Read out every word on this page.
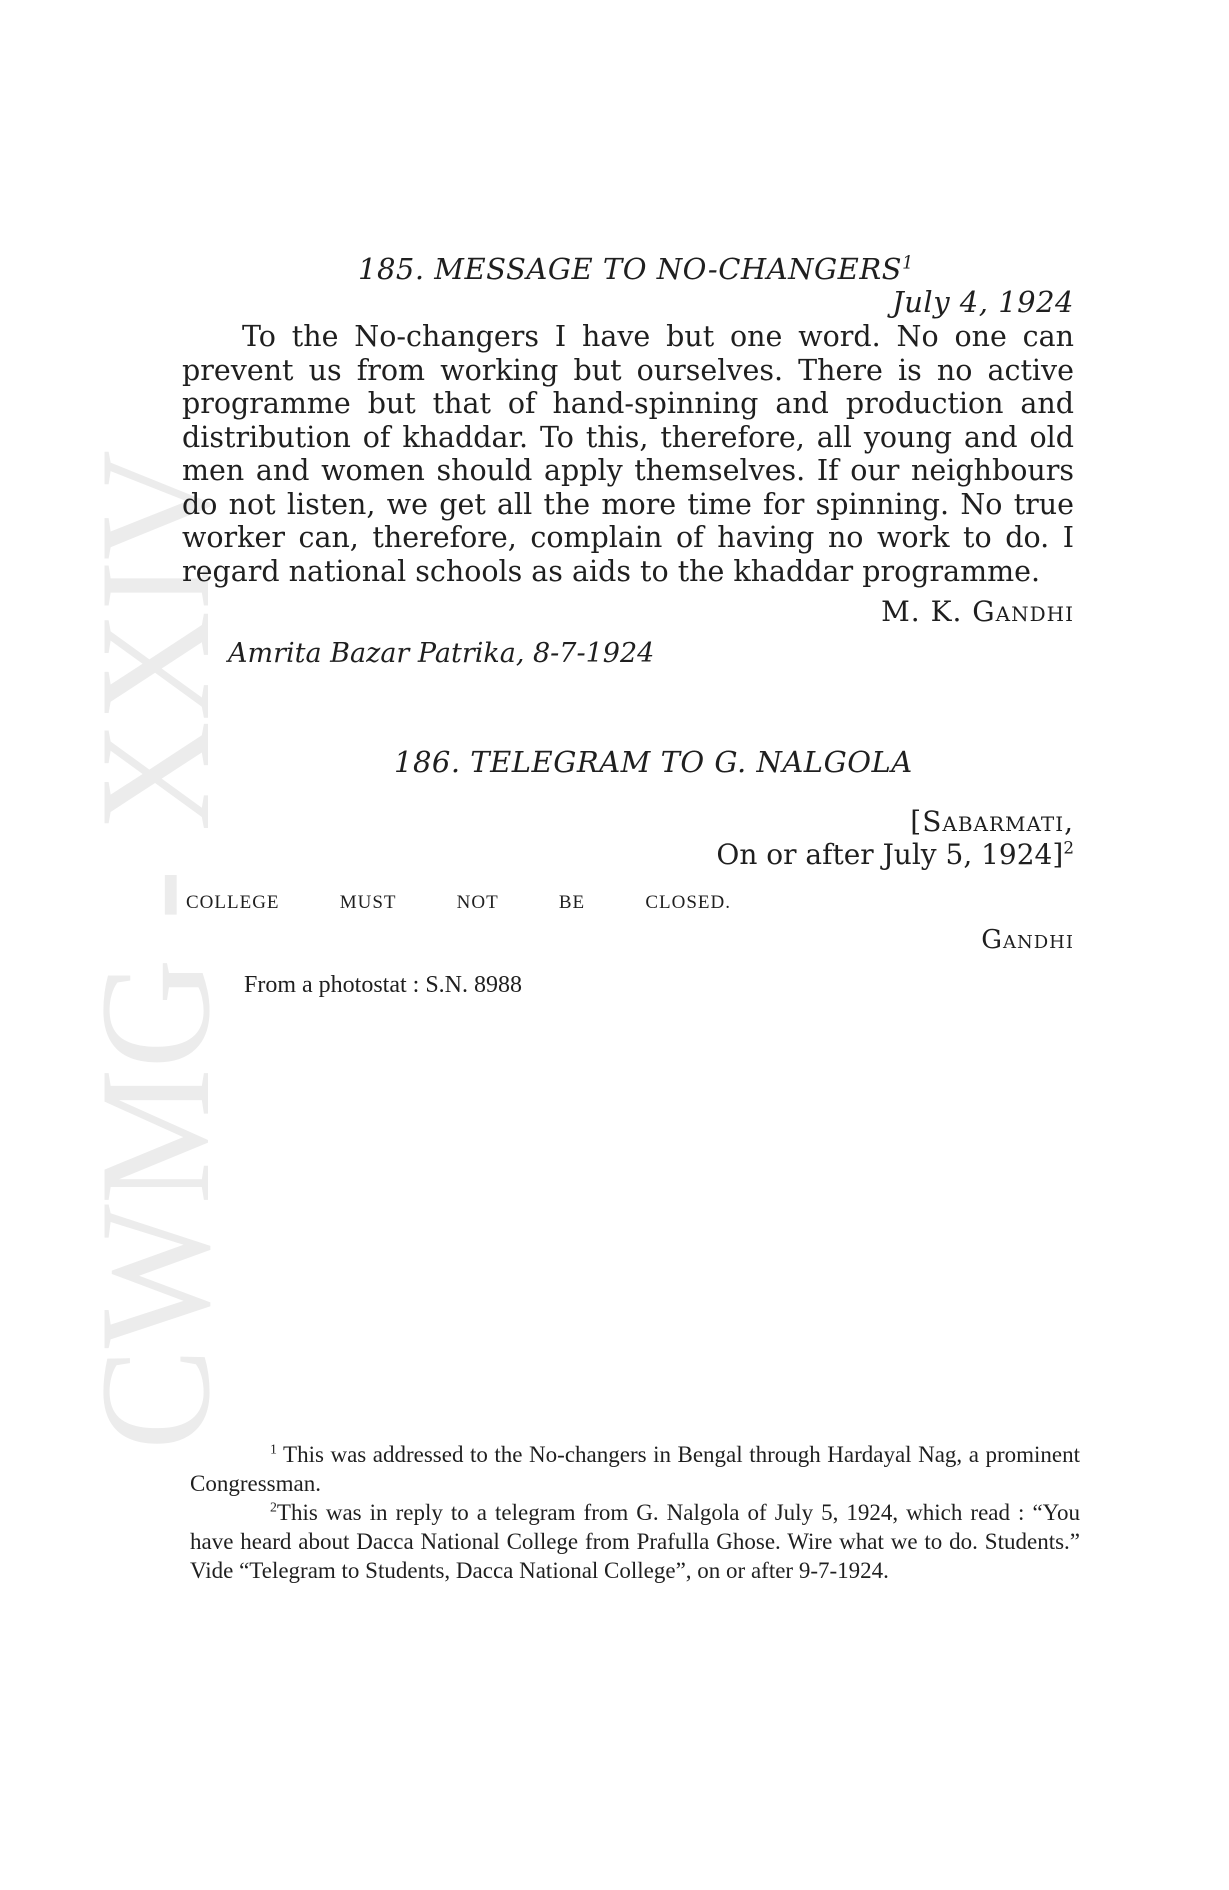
CWMG XXIV
185. MESSAGE TO NO-CHANGERS$^1$
July 4, 1924

To the No-changers I have but one word. No one can prevent us from working but ourselves. There is no active programme but that of hand-spinning and production and distribution of khaddar. To this, therefore, all young and old men and women should apply themselves. If our neighbours do not listen, we get all the more time for spinning. No true worker can, therefore, complain of having no work to do. I regard national schools as aids to the khaddar programme.

M. K. Gandhi
Amrita Bazar Patrika, 8-7-1924
186. TELEGRAM TO G. NALGOLA
[Sabarmati,
On or after July 5, 1924]$^2$
COLLEGE	MUST	NOT	BE	CLOSED.
Gandhi
From a photostat : S.N. 8988

$^1$ This was addressed to the No-changers in Bengal through Hardayal Nag, a prominent Congressman.

$^2$This was in reply to a telegram from G. Nalgola of July 5, 1924, which read : “You have heard about Dacca National College from Prafulla Ghose. Wire what we to do. Students.” Vide “Telegram to Students, Dacca National College”, on or after 9-7-1924.
